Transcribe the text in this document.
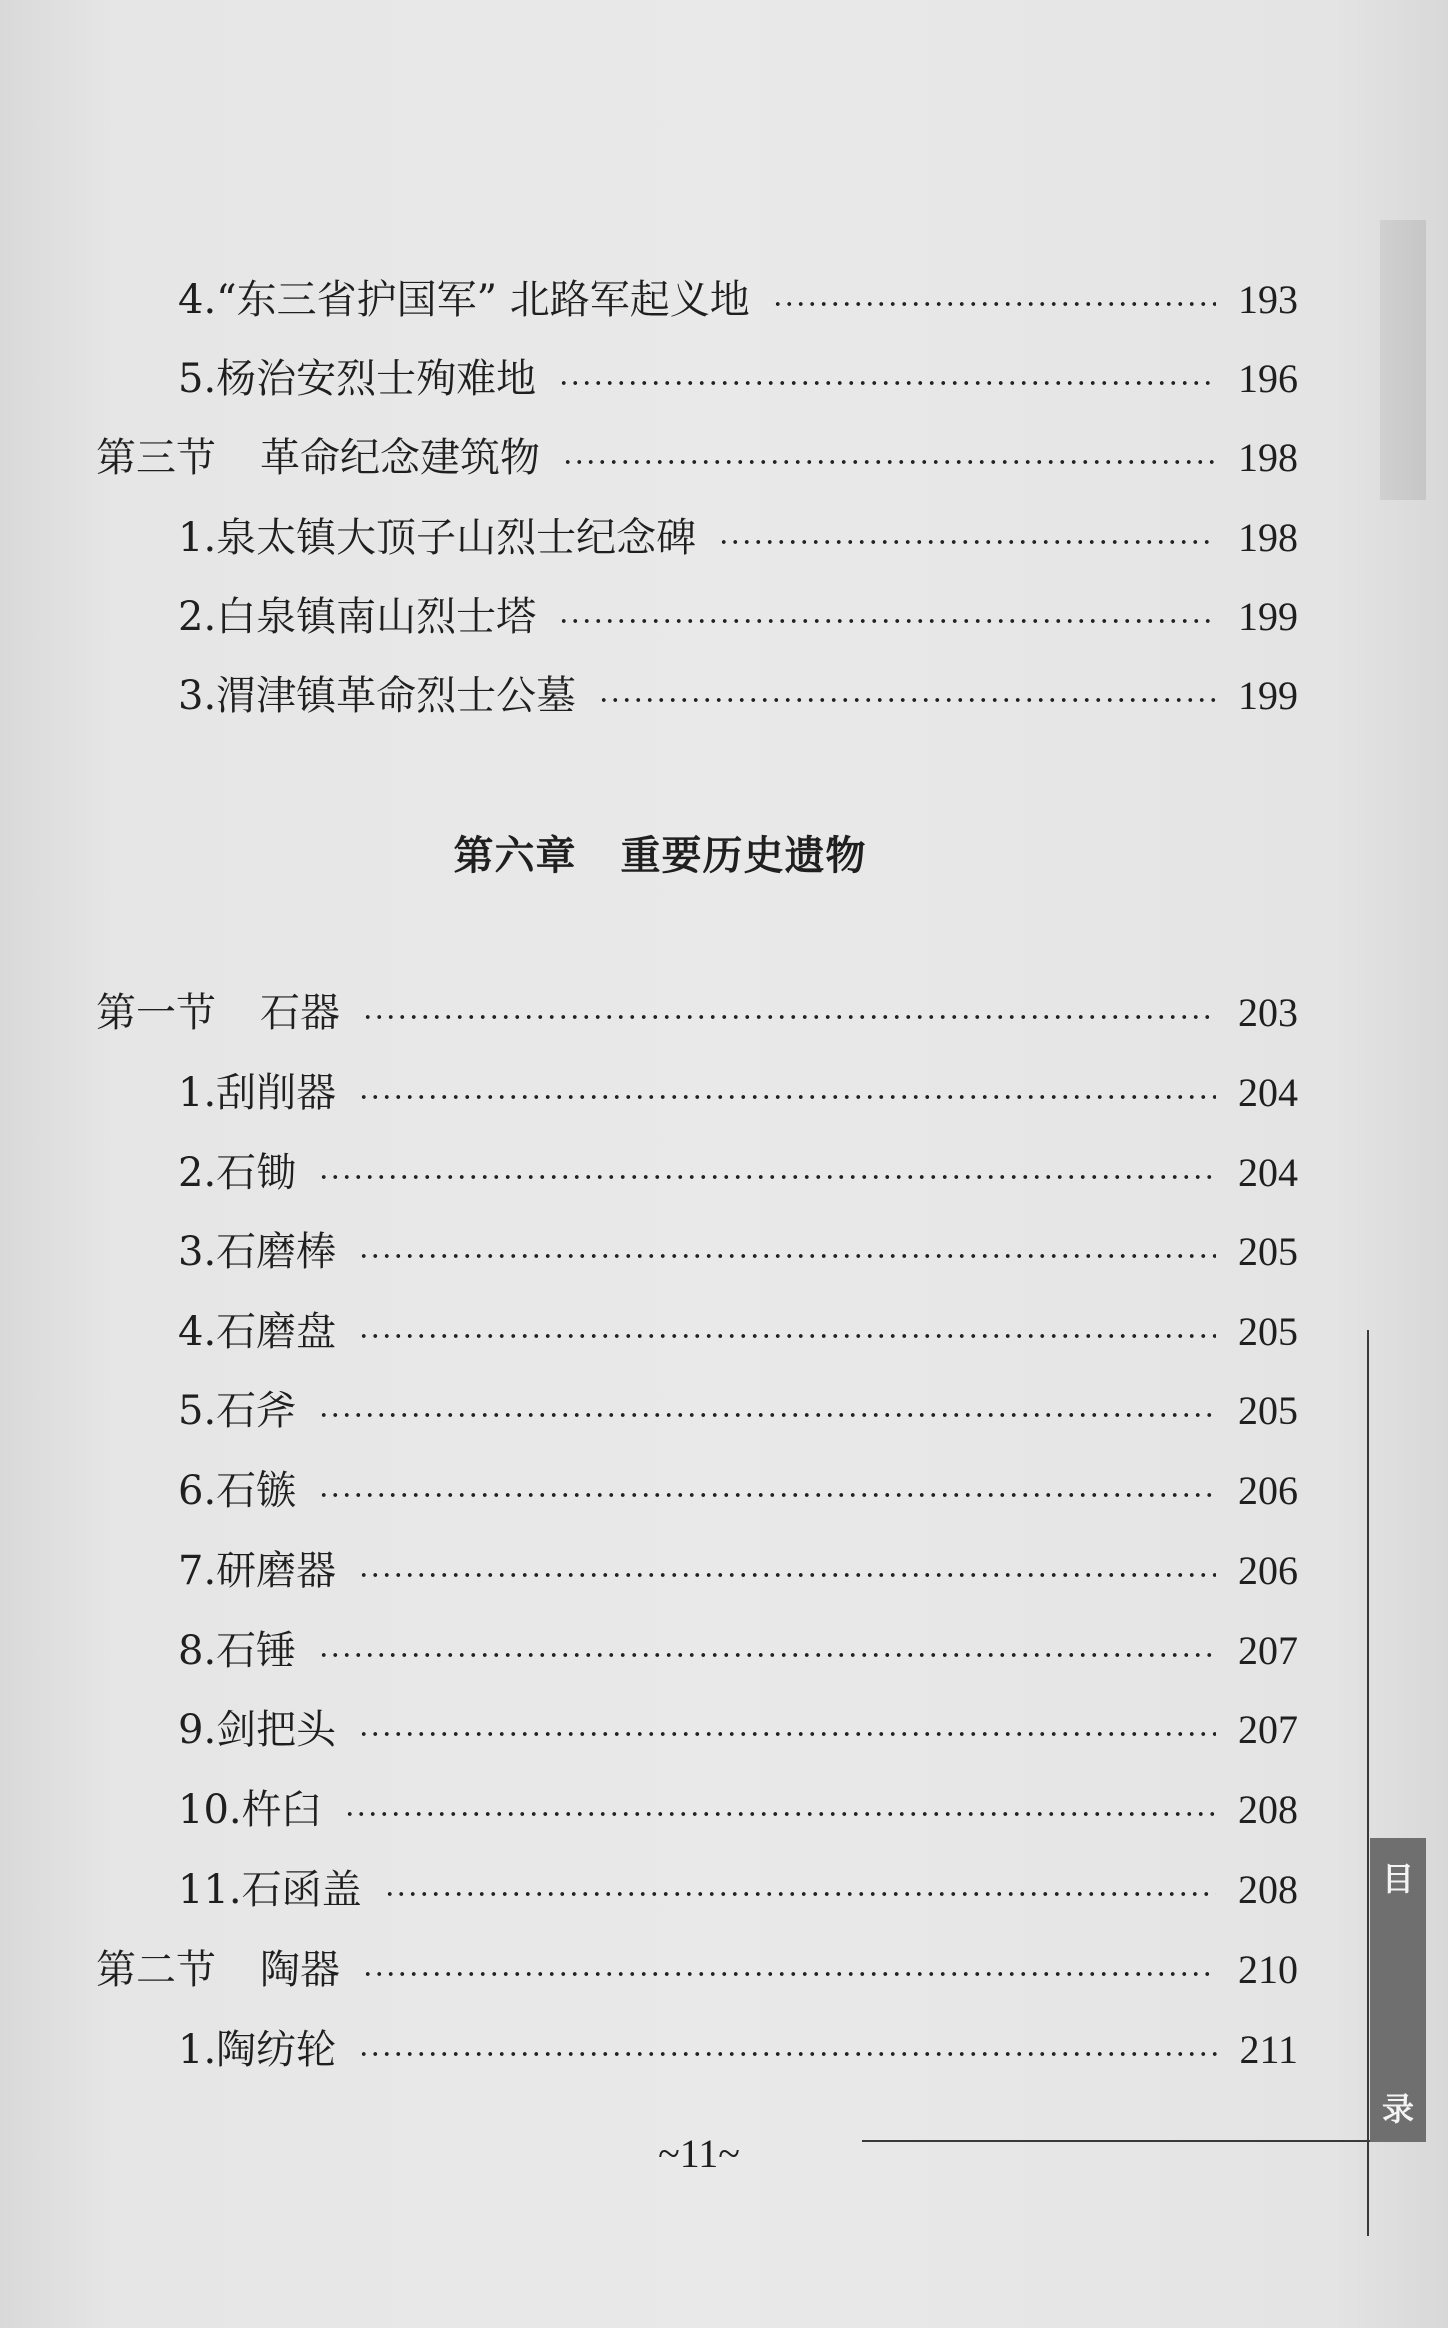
4.“东三省护国军” 北路军起义地	193
5.杨治安烈士殉难地	196
第三节 革命纪念建筑物	198
1.泉太镇大顶子山烈士纪念碑	198
2.白泉镇南山烈士塔	199
3.渭津镇革命烈士公墓	199
第六章 重要历史遗物
第一节 石器	203
1.刮削器	204
2.石锄	204
3.石磨棒	205
4.石磨盘	205
5.石斧	205
6.石镞	206
7.研磨器	206
8.石锤	207
9.剑把头	207
10.杵臼	208
11.石函盖	208
第二节 陶器	210
1.陶纺轮	211
~11~
目
录
